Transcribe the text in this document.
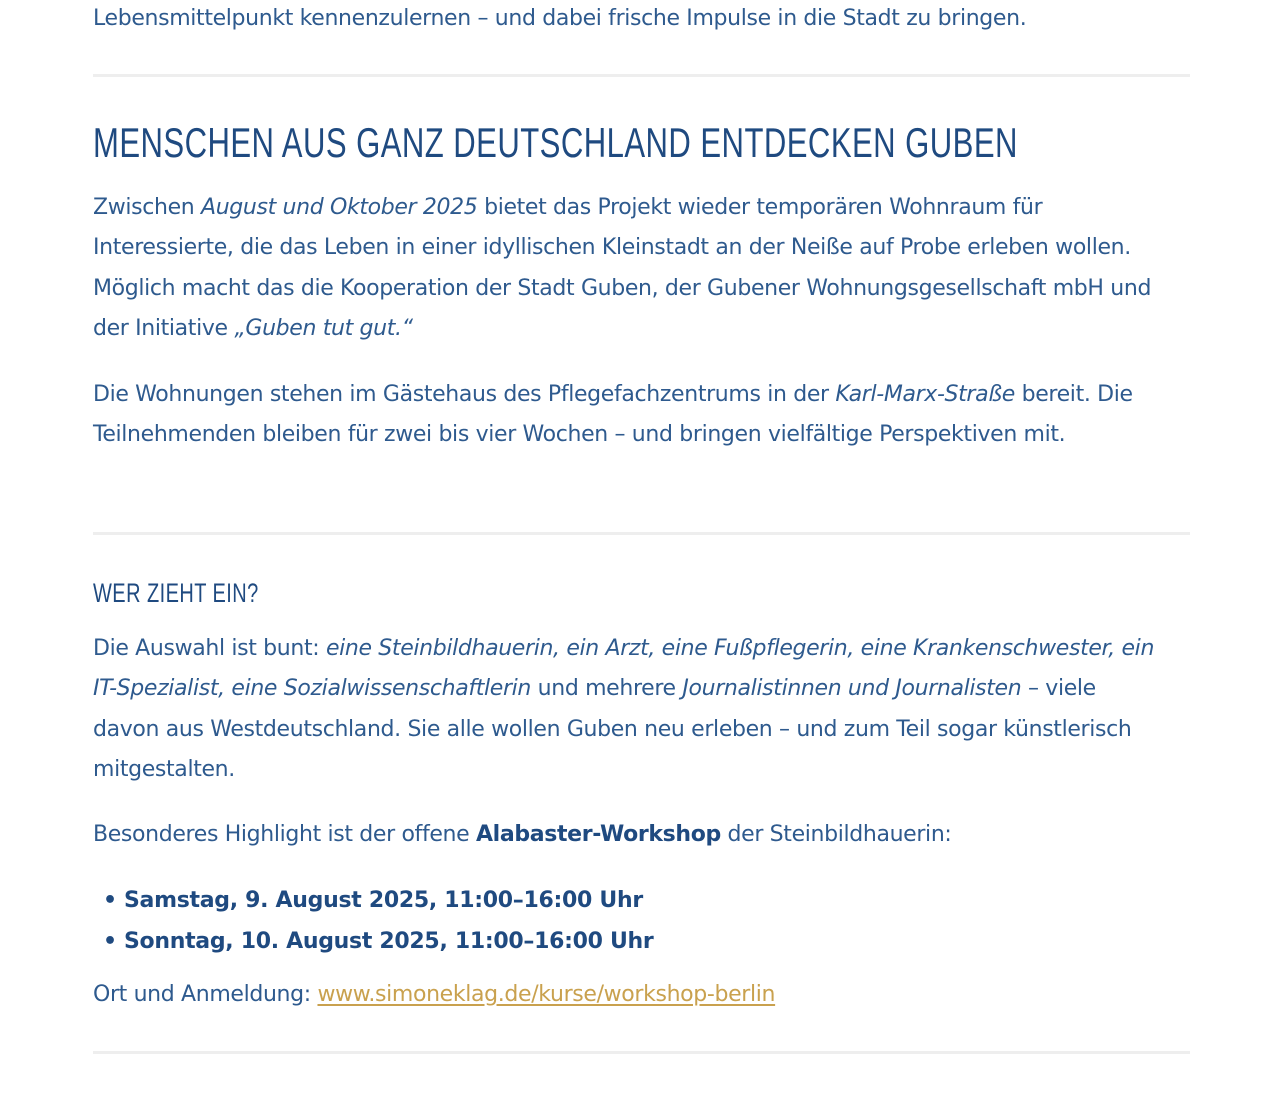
Lebensmittelpunkt kennenzulernen – und dabei frische Impulse in die Stadt zu bringen.

MENSCHEN AUS GANZ DEUTSCHLAND ENTDECKEN GUBEN

Zwischen August und Oktober 2025 bietet das Projekt wieder temporären Wohnraum für Interessierte, die das Leben in einer idyllischen Kleinstadt an der Neiße auf Probe erleben wollen. Möglich macht das die Kooperation der Stadt Guben, der Gubener Wohnungsgesellschaft mbH und der Initiative „Guben tut gut.“

Die Wohnungen stehen im Gästehaus des Pflegefachzentrums in der Karl-Marx-Straße bereit. Die Teilnehmenden bleiben für zwei bis vier Wochen – und bringen vielfältige Perspektiven mit.

WER ZIEHT EIN?

Die Auswahl ist bunt: eine Steinbildhauerin, ein Arzt, eine Fußpflegerin, eine Krankenschwester, ein IT-Spezialist, eine Sozialwissenschaftlerin und mehrere Journalistinnen und Journalisten – viele davon aus Westdeutschland. Sie alle wollen Guben neu erleben – und zum Teil sogar künstlerisch mitgestalten.

Besonderes Highlight ist der offene Alabaster-Workshop der Steinbildhauerin:

• Samstag, 9. August 2025, 11:00–16:00 Uhr
• Sonntag, 10. August 2025, 11:00–16:00 Uhr

Ort und Anmeldung: www.simoneklag.de/kurse/workshop-berlin
